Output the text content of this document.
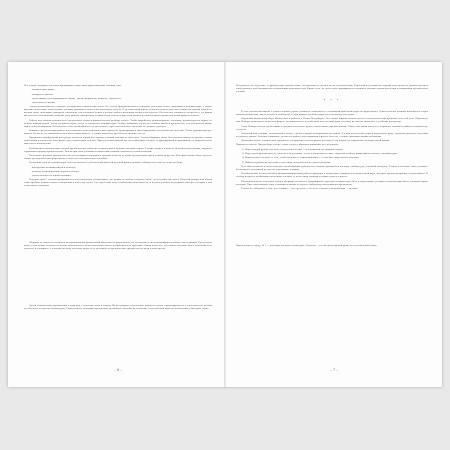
Все этюды содержат в разных пропорциях такие типы фортепианной техники, как:

– гаммы и арпеджио;

– аккорды и октавы;

– «репетиции» (повторяющиеся звуки), трели, форшлаги, мордент, группетто;

– глиссандо и скачки.

Этюды расположены в порядке усложнения технических задач. Все пьесы пронумерованы и содержат указания темпа, динамики и аппликатуры, а также краткие пояснения, помогающие ученику правильно понять поставленную задачу. В музыкальной школе педагоги используют как самый доступный способ освоения гамм, арпеджио, аккордов, поскольку эти элементы лежат в основе любого исполнительского мастерства. Постепенно сложность возрастает, но принцип остаётся неизменным: каждый этюд решает конкретную техническую задачу и при этом является законченным художественным произведением.

Работа над этюдом начинается с медленного темпа и внимательного разбора текста. Чтобы выработать равномерность звучания, рекомендуется играть отдельно каждой рукой, затем соединять руки, следя за точностью аппликатуры. Особое внимание уделяется свободе кисти и предплечья, естественности движений и ясности штрихов. Постепенно темп увеличивается до указанного, при этом качество звучания не должно страдать.

Важным средством при работе над этюдами служат ритмические варианты, группировки и акцентирование отдельных нот пассажа. Такие упражнения развивают беглость, независимость пальцев и выносливость, а также помогают преодолеть трудные места.

Правильно подобранный репертуар является одним из главных условий успешного обучения. Этюды сборника могут быть использованы на разных этапах подготовки и в качестве материала для технических зачётов. При изучении каждой пьесы необходимо следить за фразировкой и динамикой, не допуская механического исполнения.

Требования к исполнению этюдов предполагают единство технической и художественной сторон. Ученик должен слышать мелодическую линию, ощущать гармонию и форму произведения. Только при этих условиях технические навыки становятся осмысленными.

Настоящее издание предназначено для учащихся младших и средних классов детских музыкальных школ и школ искусств. Материал может быть полезен также преподавателям фортепиано в качестве методического пособия.

Несколько слов об аппликатуре: она выставлена с учётом особенностей детской руки и должна соблюдаться ещё на этапе разбора.

– повторение позиции кисти и пальцев;

– плавное подкладывание первого пальца;

– смена пальцев на одной клавише.

Нередко урок с этюдом превращается в музыкальную головоломку, где нужно не только «сыграть ноты», но и понять их смысл. Простой аккорд или гамма тоже требуют внимательного отношения к качеству звука. Это серьёзный этап становления исполнителя, и педагогу важно поддержать интерес ученика к повседневным занятиям.

Сборник не является полной и исчерпывающей программой обучения на фортепиано, но он поможет систематизировать работу над техникой. Представленные в нём этюды созданы на основе многолетнего педагогического опыта и проверены на практике. Автор надеется, что данное издание будет полезным и педагогам, и учащимся, а занятия по нему доставят радость от музыки и от преодоления трудностей на пути к мастерству.

Среди технических упражнений в один ряд с этюдами стоят и гаммы. Их регулярное исполнение помогает лучше ориентироваться в тональностях, развивает беглость и чувство клавиатуры. Современные методики предлагают различные способы их освоения, от медленной игры до исполнения в быстром темпе.

– 6 –

Мелодично, но и русские, и французские мотивы ниже, мелодичные и звуки в песне и исполнении. Взрослый и детский же первый этап является уроком музыкальной грамоты для большинства начинающих исполнителей. Кроме того, на этом этапе формируются основные навыки звукоизвлечения и понимания музыкального языка.

* * *

В зале начальной школы с самого первого урока учащиеся знакомятся с основными приёмами игры на фортепиано. Руки и пальцы должны находиться в правильном положении, кисть остаётся свободной, а звук рождается благодаря естественному весу руки.

Народный композитор Карл Майер жил и работал в Санкт-Петербурге. Его этюды широко используются в педагогической практике и по сей день. Произведения Майера отличаются ясностью формы, мелодичностью и удобством для детской руки, поэтому их охотно включают в учебный репертуар.

Этюд Майера всегда звучит живо и трудится получить руки с ключевыми упражнениями. Работа над ними помогает закрепить навыки и добиться нужного результата.

Основной вид техники, заложенный в этюде, связан с игрой позиционных пассажей. Ученик постепенно учится переносить руку, сохраняя ровность звучания и точность ритма. Большое внимание уделяется работе над штрихами legato и staccato, а также динамическими оттенками.

Дополнительные технические трудности: восприятие легкого ритма пассажа (4 на ладонь) и сохранение мелодической линии.

Приемы и советы. При разборе и игре этюда следует обратить внимание на следующее:

1) Игра каждой рукой отдельно в медленном темпе, с остановками на опорных звуках.

2) Игра двумя руками вместе сначала в медленном, затем в умеренном темпе, сохраняя свободу движений и точность аппликатуры.

3) Внимательно следить за тем, чтобы пальцы не «проваливались», а звук был округлым и певучим.

4) Добиться ровности звучания в пассажах, исполняя их на одном дыхании.

Есть обязательные и неотъемлемые составляющие работы над этюдом: правильная посадка, свобода рук, слуховой контроль. Только сочетание этих условий обеспечивает успешный результат и развитие техники.

Несоблюдение сознательной и дисциплинированной работы приводит к появлению зажимов и механической игре, которые трудно исправить в дальнейшем. Поэтому педагогу необходимо постоянно следить за качеством занятий ученика дома и в классе.

Последовательное изучение этюдов сборника позволяет сформировать прочную техническую базу и подготовить ученика к исполнению более сложных произведений. При этом каждый этюд становится шагом на пути к свободному владению инструментом.

Только не забывайте о том, что техника — это средство, а не цель: главное в исполнении — музыка.

Примечание к этюду: № 1 — для игры согласно левой руке. Рисунок — тот же ритм правой руки, но в увеличенном виде.

– 7 –
